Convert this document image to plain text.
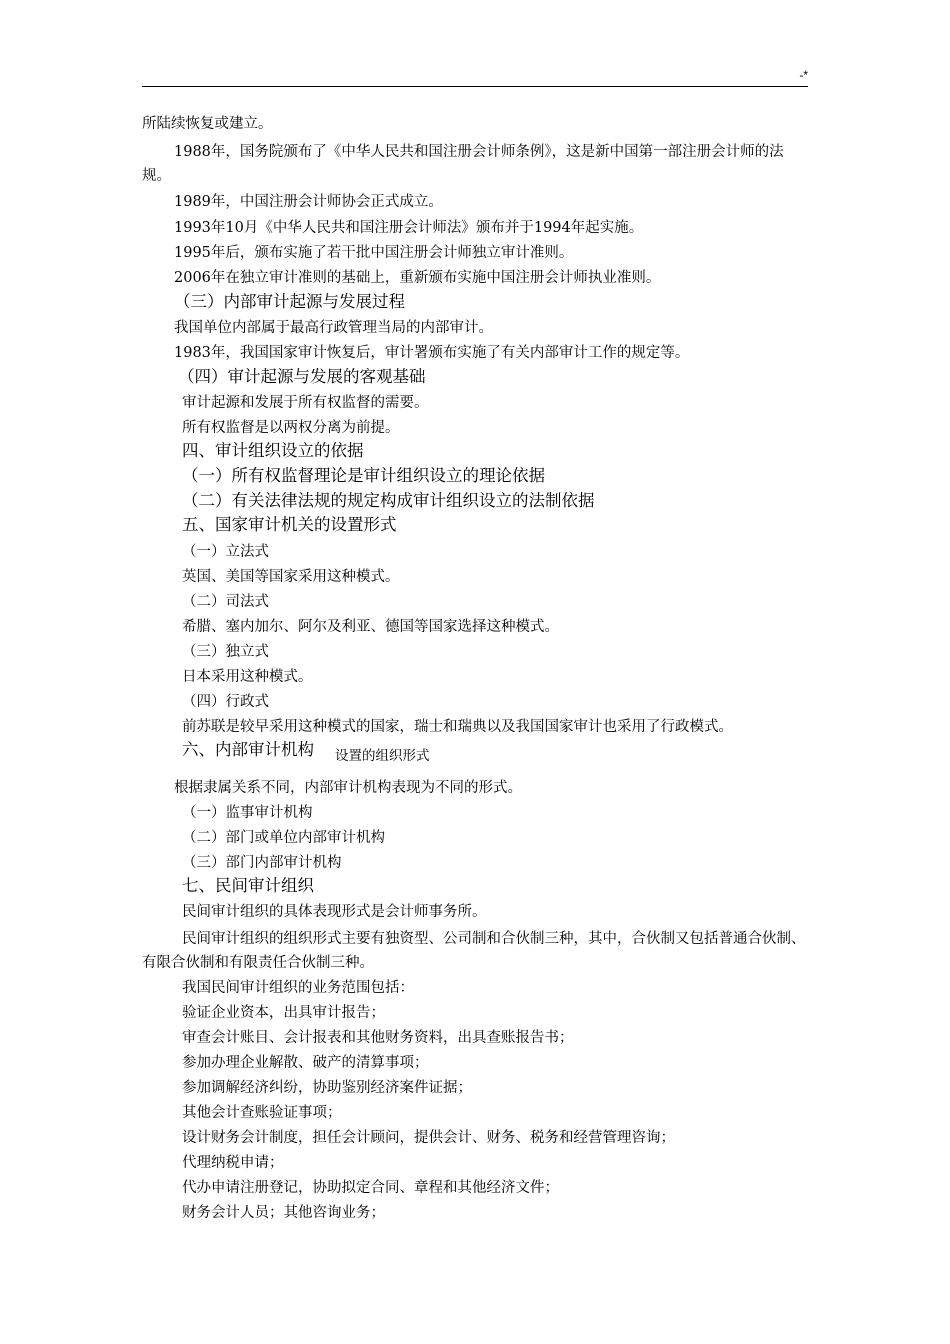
-*
所陆续恢复或建立。
1988年，国务院颁布了《中华人民共和国注册会计师条例》，这是新中国第一部注册会计师的法规。
1989年，中国注册会计师协会正式成立。
1993年10月《中华人民共和国注册会计师法》颁布并于1994年起实施。
1995年后，颁布实施了若干批中国注册会计师独立审计准则。
2006年在独立审计准则的基础上，重新颁布实施中国注册会计师执业准则。
（三）内部审计起源与发展过程
我国单位内部属于最高行政管理当局的内部审计。
1983年，我国国家审计恢复后，审计署颁布实施了有关内部审计工作的规定等。
（四）审计起源与发展的客观基础
审计起源和发展于所有权监督的需要。
所有权监督是以两权分离为前提。
四、审计组织设立的依据
（一）所有权监督理论是审计组织设立的理论依据
（二）有关法律法规的规定构成审计组织设立的法制依据
五、国家审计机关的设置形式
（一）立法式
英国、美国等国家采用这种模式。
（二）司法式
希腊、塞内加尔、阿尔及利亚、德国等国家选择这种模式。
（三）独立式
日本采用这种模式。
（四）行政式
前苏联是较早采用这种模式的国家，瑞士和瑞典以及我国国家审计也采用了行政模式。
六、内部审计机构 设置的组织形式
根据隶属关系不同，内部审计机构表现为不同的形式。
（一）监事审计机构
（二）部门或单位内部审计机构
（三）部门内部审计机构
七、民间审计组织
民间审计组织的具体表现形式是会计师事务所。
民间审计组织的组织形式主要有独资型、公司制和合伙制三种，其中，合伙制又包括普通合伙制、有限合伙制和有限责任合伙制三种。
我国民间审计组织的业务范围包括：
验证企业资本，出具审计报告；
审查会计账目、会计报表和其他财务资料，出具查账报告书；
参加办理企业解散、破产的清算事项；
参加调解经济纠纷，协助鉴别经济案件证据；
其他会计查账验证事项；
设计财务会计制度，担任会计顾问，提供会计、财务、税务和经营管理咨询；
代理纳税申请；
代办申请注册登记，协助拟定合同、章程和其他经济文件；
财务会计人员；其他咨询业务；
